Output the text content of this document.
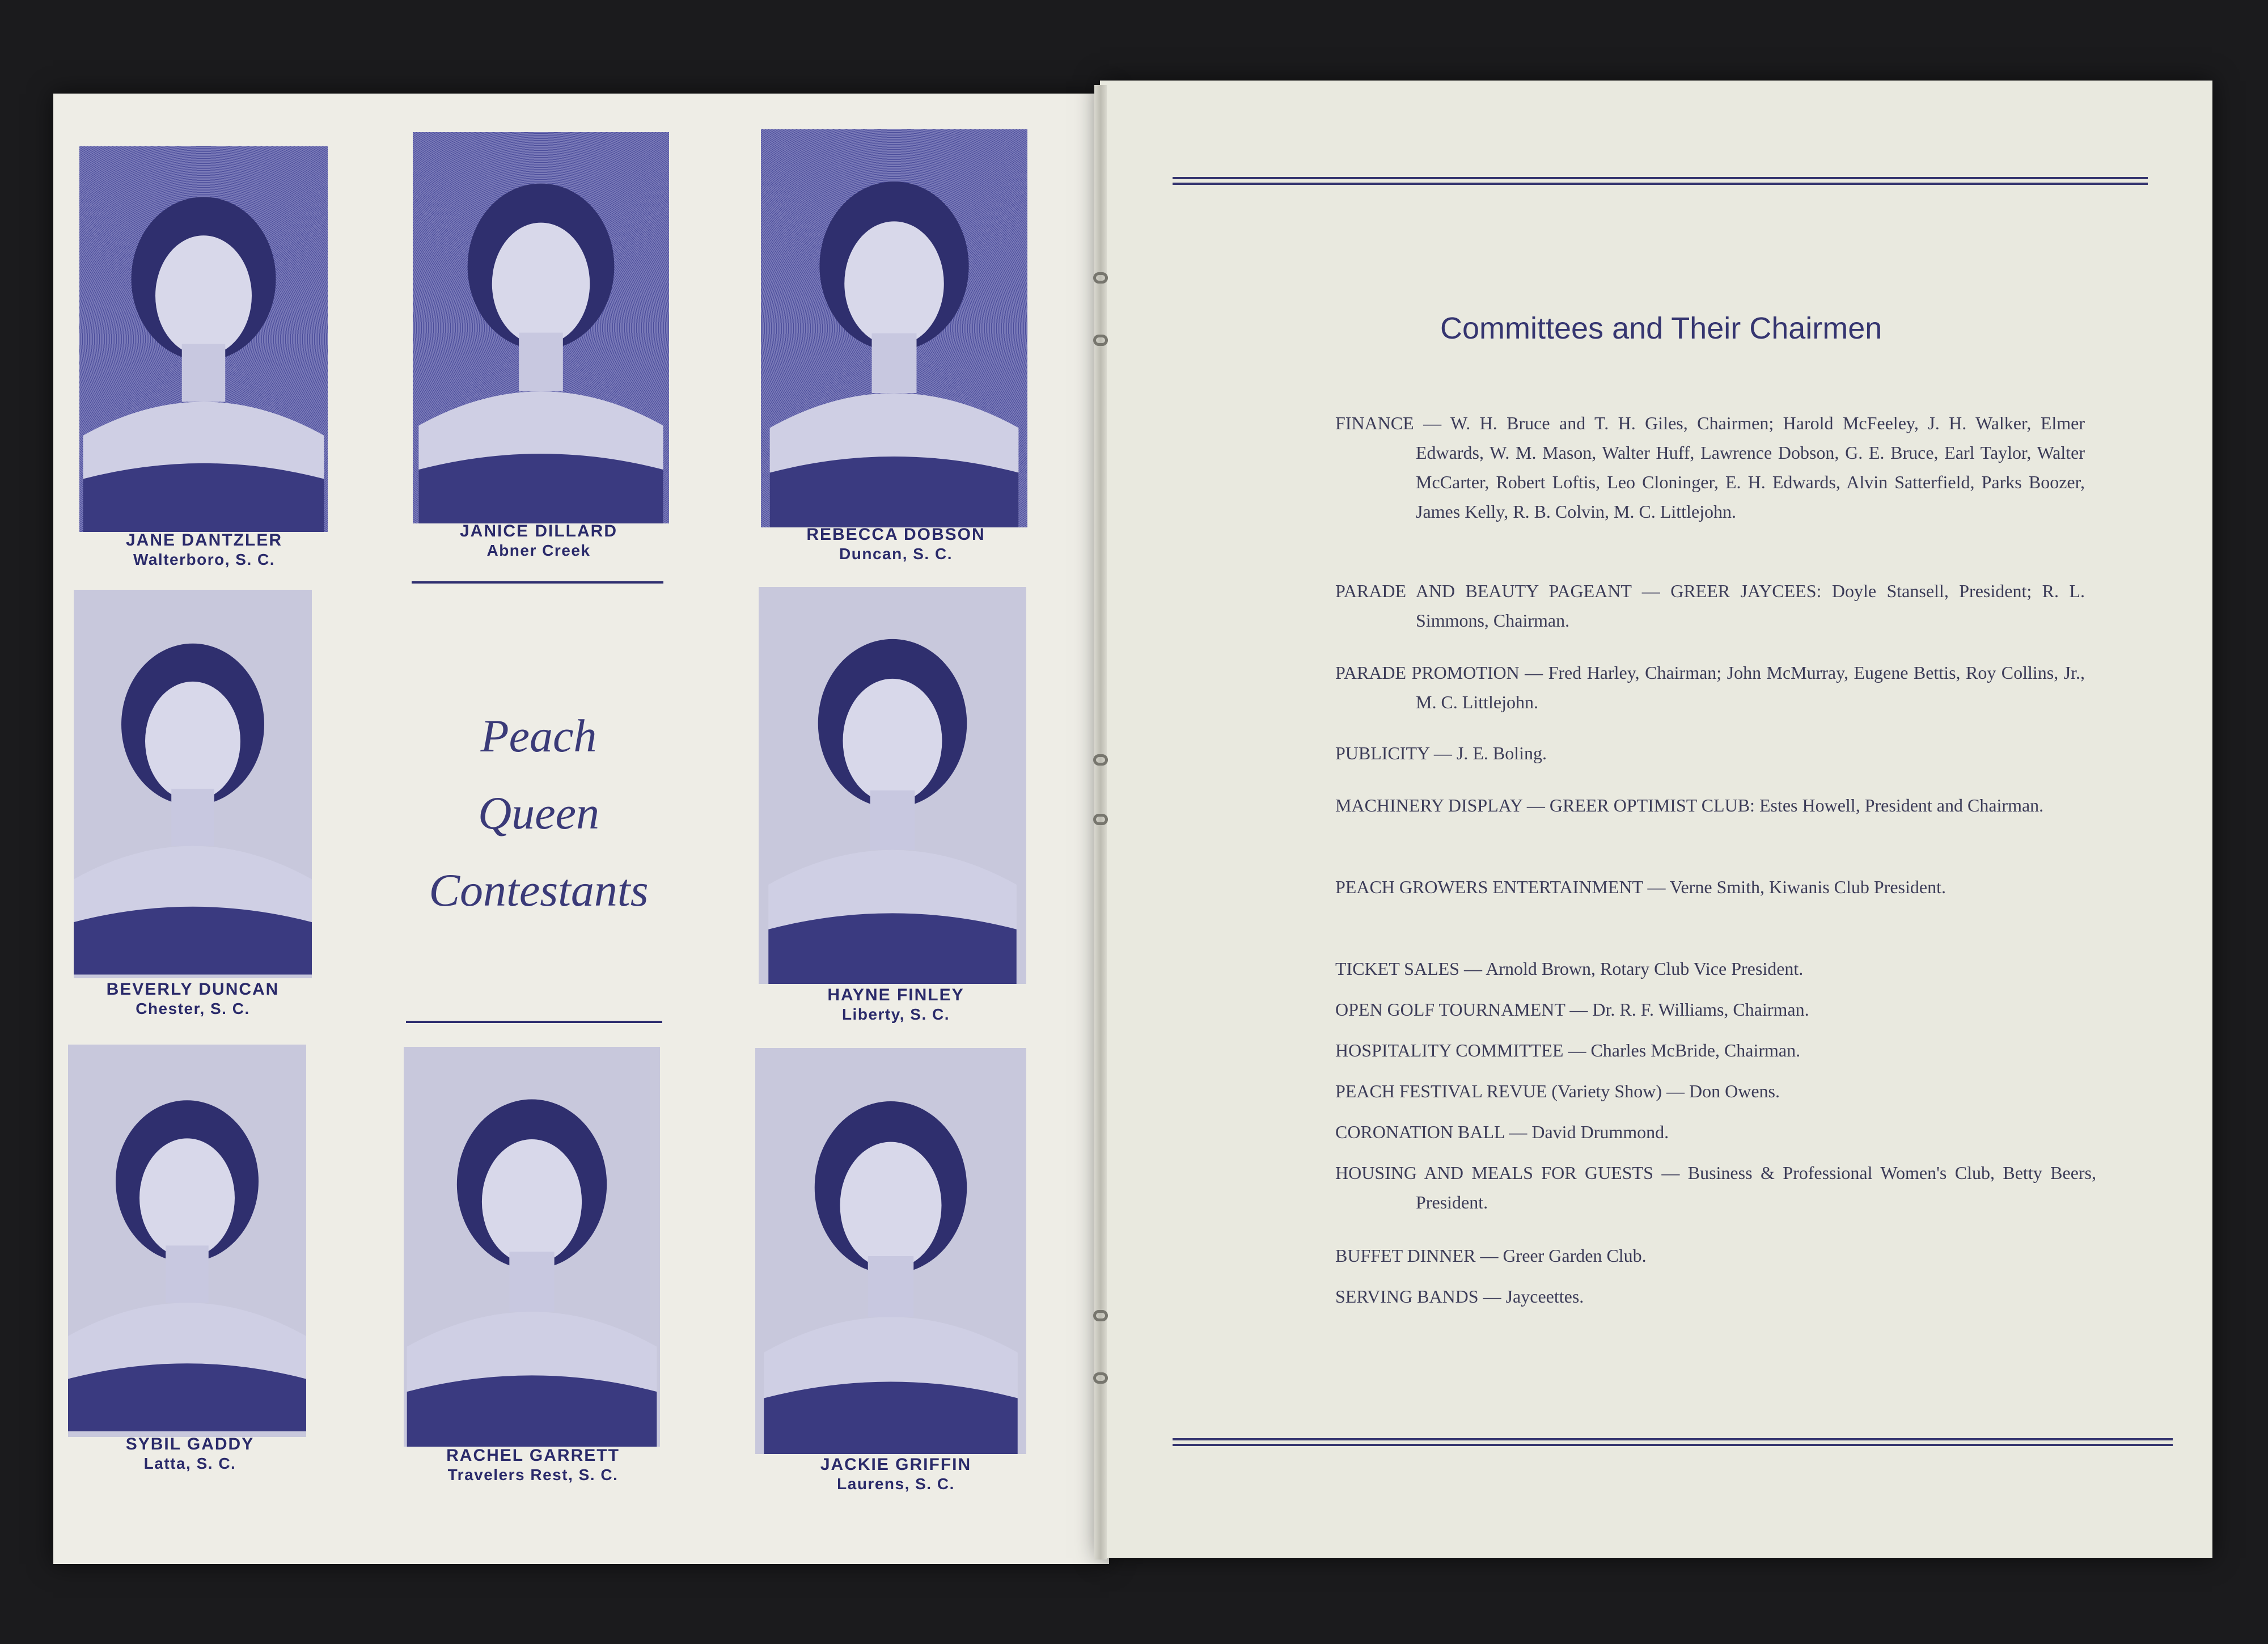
JANE DANTZLER
Walterboro, S. C.
JANICE DILLARD
Abner Creek
REBECCA DOBSON
Duncan, S. C.
BEVERLY DUNCAN
Chester, S. C.
Peach
Queen
Contestants
HAYNE FINLEY
Liberty, S. C.
SYBIL GADDY
Latta, S. C.	RACHEL GARRETT
Travelers Rest, S. C.
JACKIE GRIFFIN
Laurens, S. C.
Committees and Their Chairmen
FINANCE — W. H. Bruce and T. H. Giles, Chairmen; Harold McFeeley, J. H. Walker, Elmer Edwards, W. M. Mason, Walter Huff, Lawrence Dobson, G. E. Bruce, Earl Taylor, Walter McCarter, Robert Loftis, Leo Cloninger, E. H. Edwards, Alvin Satterfield, Parks Boozer, James Kelly, R. B. Colvin, M. C. Littlejohn.
PARADE AND BEAUTY PAGEANT — GREER JAYCEES: Doyle Stansell, President; R. L. Simmons, Chairman.
PARADE PROMOTION — Fred Harley, Chairman; John McMurray, Eugene Bettis, Roy Collins, Jr., M. C. Littlejohn.
PUBLICITY — J. E. Boling.
MACHINERY DISPLAY — GREER OPTIMIST CLUB: Estes Howell, President and Chairman.
PEACH GROWERS ENTERTAINMENT — Verne Smith, Kiwanis Club President.
TICKET SALES — Arnold Brown, Rotary Club Vice President.
OPEN GOLF TOURNAMENT — Dr. R. F. Williams, Chairman.
HOSPITALITY COMMITTEE — Charles McBride, Chairman.
PEACH FESTIVAL REVUE (Variety Show) — Don Owens.
CORONATION BALL — David Drummond.
HOUSING AND MEALS FOR GUESTS — Business & Professional Women's Club, Betty Beers, President.
BUFFET DINNER — Greer Garden Club.
SERVING BANDS — Jayceettes.
